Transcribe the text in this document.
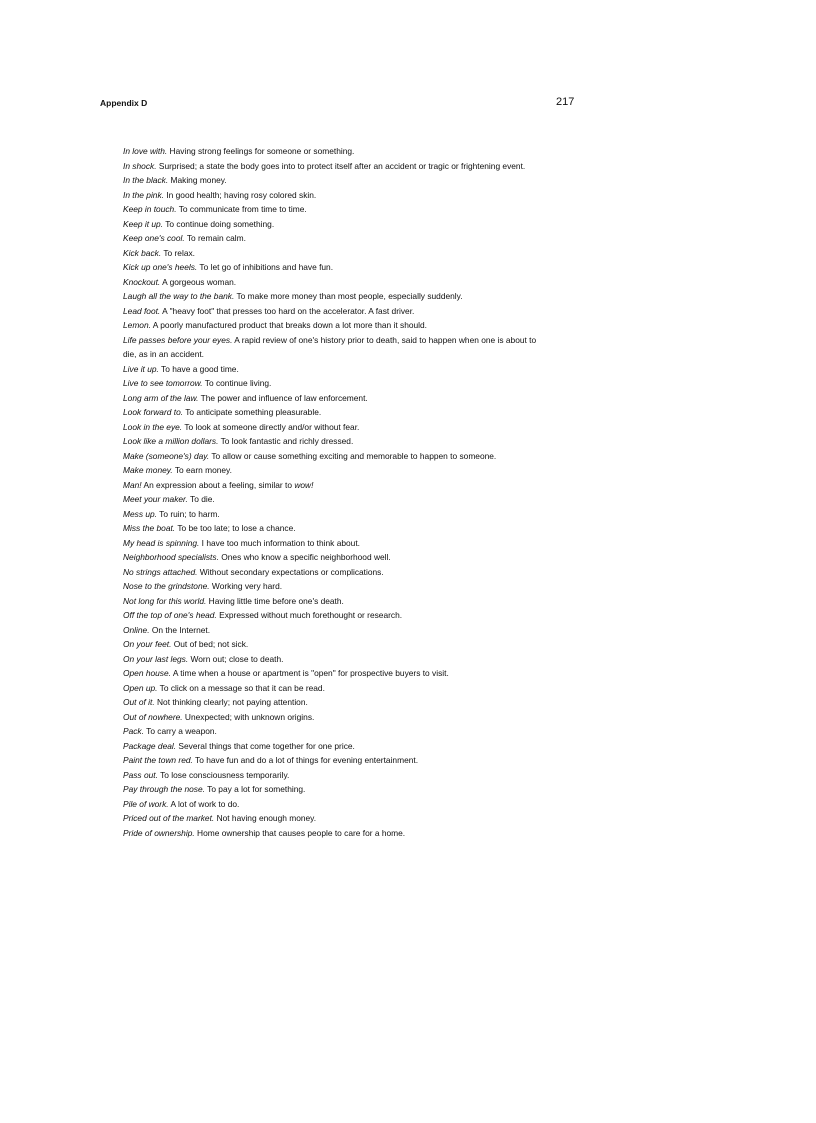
Appendix D	217
In love with. Having strong feelings for someone or something.
In shock. Surprised; a state the body goes into to protect itself after an accident or tragic or frightening event.
In the black. Making money.
In the pink. In good health; having rosy colored skin.
Keep in touch. To communicate from time to time.
Keep it up. To continue doing something.
Keep one's cool. To remain calm.
Kick back. To relax.
Kick up one's heels. To let go of inhibitions and have fun.
Knockout. A gorgeous woman.
Laugh all the way to the bank. To make more money than most people, especially suddenly.
Lead foot. A "heavy foot" that presses too hard on the accelerator. A fast driver.
Lemon. A poorly manufactured product that breaks down a lot more than it should.
Life passes before your eyes. A rapid review of one's history prior to death, said to happen when one is about to die, as in an accident.
Live it up. To have a good time.
Live to see tomorrow. To continue living.
Long arm of the law. The power and influence of law enforcement.
Look forward to. To anticipate something pleasurable.
Look in the eye. To look at someone directly and/or without fear.
Look like a million dollars. To look fantastic and richly dressed.
Make (someone's) day. To allow or cause something exciting and memorable to happen to someone.
Make money. To earn money.
Man! An expression about a feeling, similar to wow!
Meet your maker. To die.
Mess up. To ruin; to harm.
Miss the boat. To be too late; to lose a chance.
My head is spinning. I have too much information to think about.
Neighborhood specialists. Ones who know a specific neighborhood well.
No strings attached. Without secondary expectations or complications.
Nose to the grindstone. Working very hard.
Not long for this world. Having little time before one's death.
Off the top of one's head. Expressed without much forethought or research.
Online. On the Internet.
On your feet. Out of bed; not sick.
On your last legs. Worn out; close to death.
Open house. A time when a house or apartment is "open" for prospective buyers to visit.
Open up. To click on a message so that it can be read.
Out of it. Not thinking clearly; not paying attention.
Out of nowhere. Unexpected; with unknown origins.
Pack. To carry a weapon.
Package deal. Several things that come together for one price.
Paint the town red. To have fun and do a lot of things for evening entertainment.
Pass out. To lose consciousness temporarily.
Pay through the nose. To pay a lot for something.
Pile of work. A lot of work to do.
Priced out of the market. Not having enough money.
Pride of ownership. Home ownership that causes people to care for a home.
